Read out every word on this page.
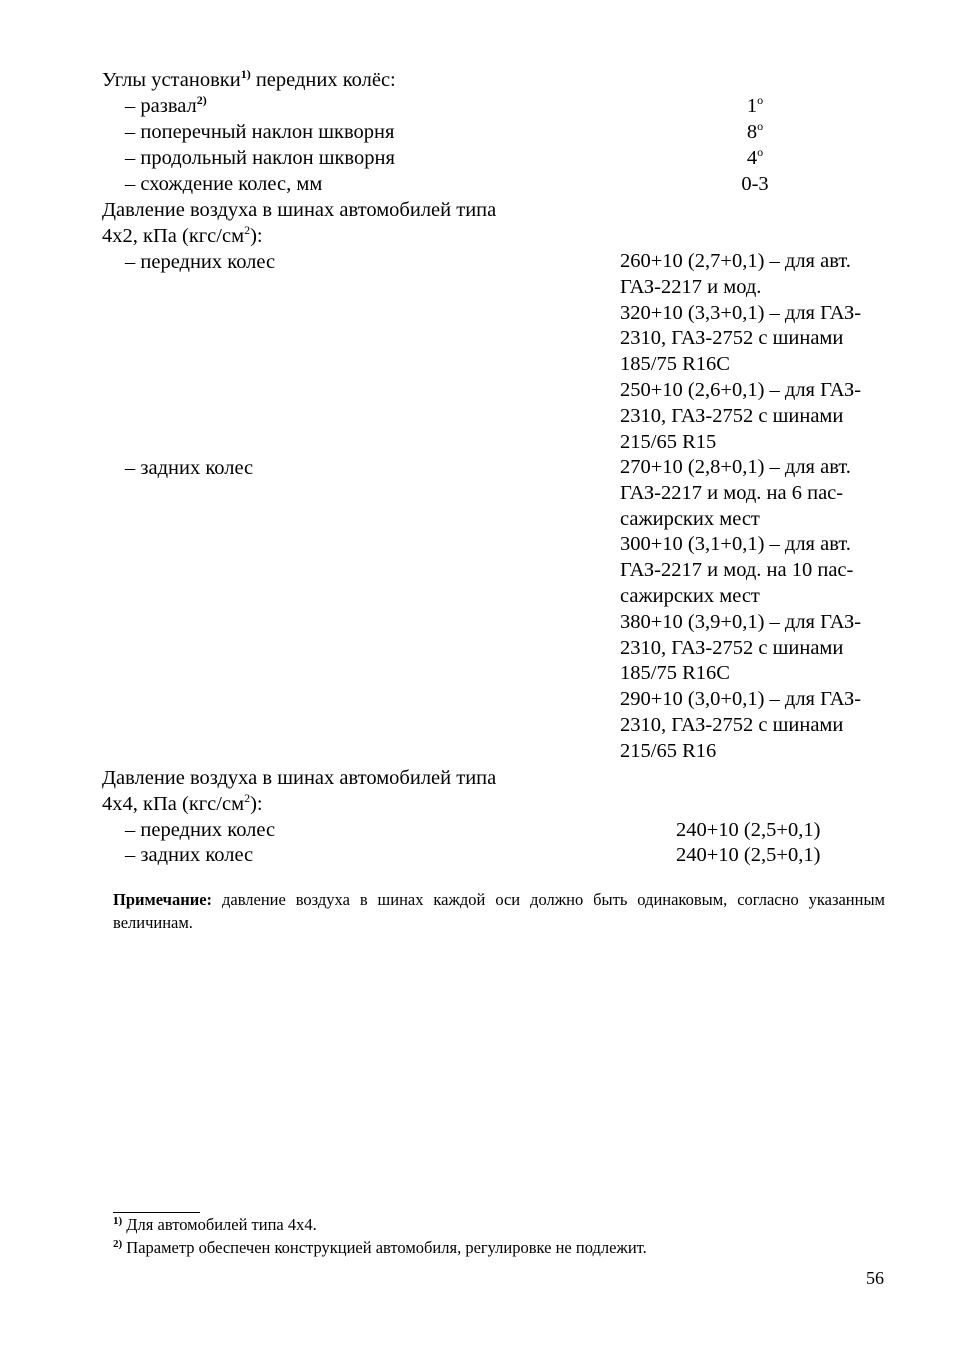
Углы установки$^{1)}$ передних колёс:
– развал$^{2)}$	$1^о$
– поперечный наклон шкворня	$8^о$
– продольный наклон шкворня	$4^о$
– схождение колес, мм	0-3
Давление воздуха в шинах автомобилей типа
4x2, кПа $(кгс/см^2)$:
– передних колес	260+10 (2,7+0,1) – для авт.
ГАЗ-2217 и мод.
320+10 (3,3+0,1) – для ГАЗ-
2310, ГАЗ-2752 с шинами
185/75 R16C
250+10 (2,6+0,1) – для ГАЗ-
2310, ГАЗ-2752 с шинами
215/65 R15
– задних колес	270+10 (2,8+0,1) – для авт.
ГАЗ-2217 и мод. на 6 пас-
сажирских мест
300+10 (3,1+0,1) – для авт.
ГАЗ-2217 и мод. на 10 пас-
сажирских мест
380+10 (3,9+0,1) – для ГАЗ-
2310, ГАЗ-2752 с шинами
185/75 R16C
290+10 (3,0+0,1) – для ГАЗ-
2310, ГАЗ-2752 с шинами
215/65 R16
Давление воздуха в шинах автомобилей типа
4x4, кПа $(кгс/см^2)$:
– передних колес	240+10 (2,5+0,1)
– задних колес	240+10 (2,5+0,1)
Примечание: давление воздуха в шинах каждой оси должно быть одинаковым, согласно указанным величинам.
$^{1)}$ Для автомобилей типа 4x4.
$^{2)}$ Параметр обеспечен конструкцией автомобиля, регулировке не подлежит.
56
